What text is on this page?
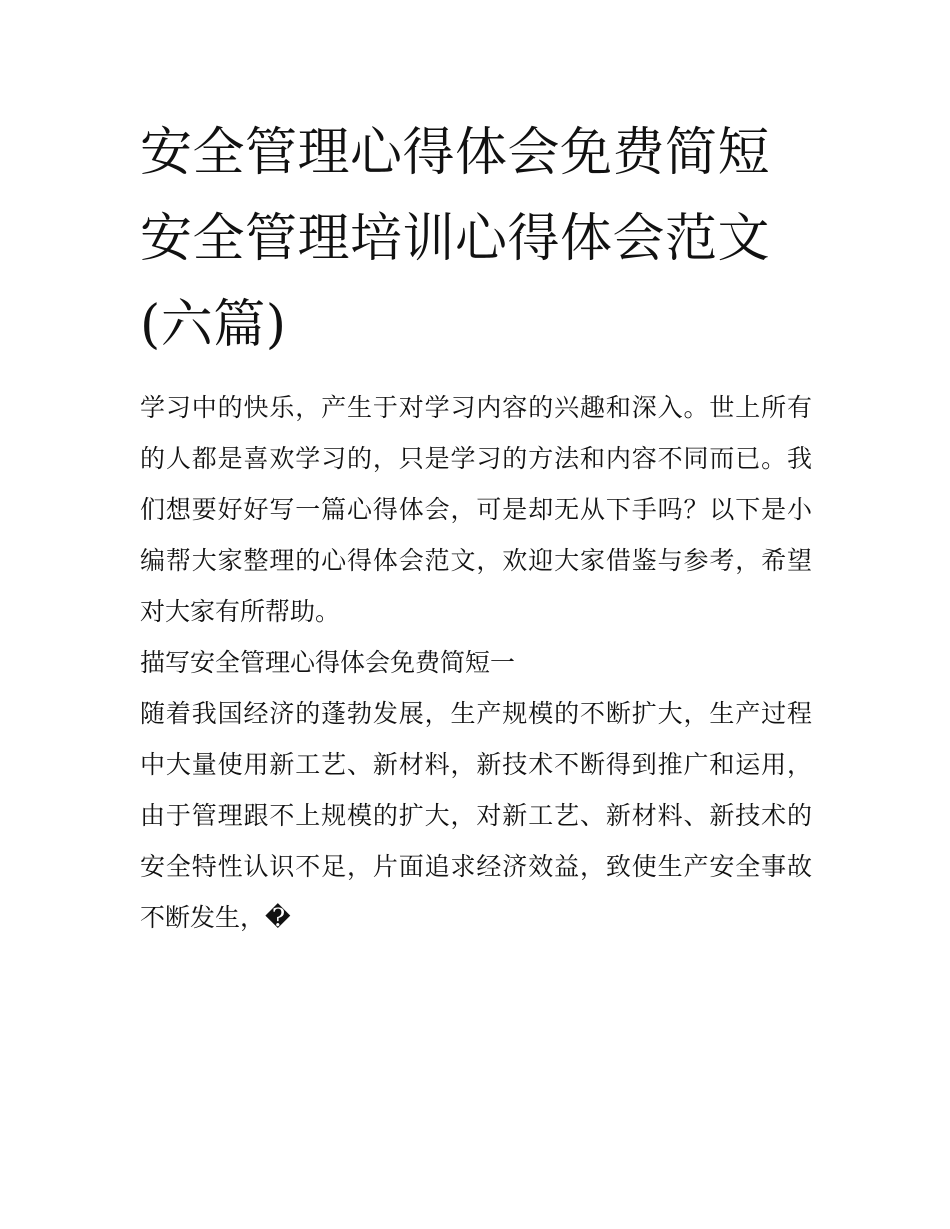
安全管理心得体会免费简短 安全管理培训心得体会范文(六篇)

学习中的快乐，产生于对学习内容的兴趣和深入。世上所有的人都是喜欢学习的，只是学习的方法和内容不同而已。我们想要好好写一篇心得体会，可是却无从下手吗？以下是小编帮大家整理的心得体会范文，欢迎大家借鉴与参考，希望对大家有所帮助。

描写安全管理心得体会免费简短一

随着我国经济的蓬勃发展，生产规模的不断扩大，生产过程中大量使用新工艺、新材料，新技术不断得到推广和运用，由于管理跟不上规模的扩大，对新工艺、新材料、新技术的安全特性认识不足，片面追求经济效益，致使生产安全事故不断发生，�
